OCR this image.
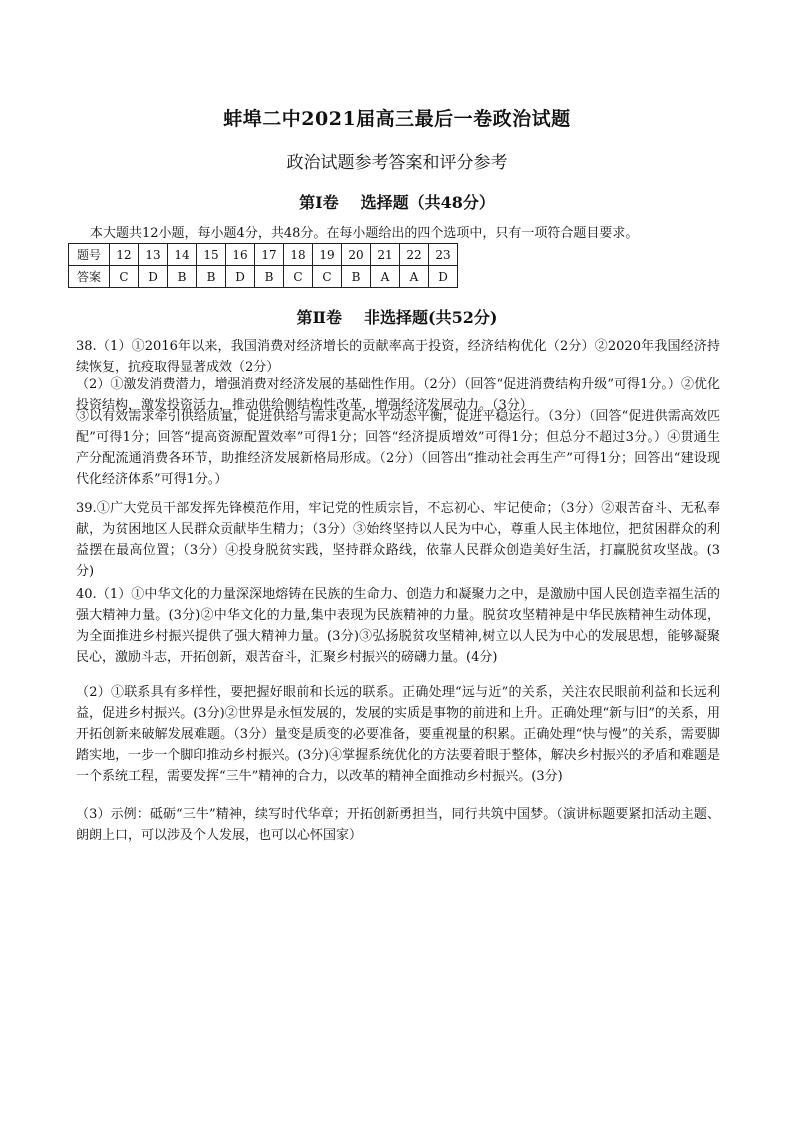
蚌埠二中2021届高三最后一卷政治试题
政治试题参考答案和评分参考
第Ⅰ卷 选择题（共48分）
本大题共12小题，每小题4分，共48分。在每小题给出的四个选项中，只有一项符合题目要求。
题号	12	13	14	15	16	17	18	19	20	21	22	23
答案	C	D	B	B	D	B	C	C	B	A	A	D
第Ⅱ卷 非选择题(共52分)
38.（1）①2016年以来，我国消费对经济增长的贡献率高于投资，经济结构优化（2分）②2020年我国经济持续恢复，抗疫取得显著成效（2分）
（2）①激发消费潜力，增强消费对经济发展的基础性作用。（2分）（回答“促进消费结构升级”可得1分。）②优化投资结构，激发投资活力，推动供给侧结构性改革，增强经济发展动力。（3分）
③以有效需求牵引供给质量，促进供给与需求更高水平动态平衡，促进平稳运行。（3分）（回答“促进供需高效匹配”可得1分；回答“提高资源配置效率”可得1分；回答“经济提质增效”可得1分；但总分不超过3分。）④贯通生产分配流通消费各环节，助推经济发展新格局形成。（2分）（回答出“推动社会再生产”可得1分；回答出“建设现代化经济体系”可得1分。）
39.①广大党员干部发挥先锋模范作用，牢记党的性质宗旨，不忘初心、牢记使命；（3分）②艰苦奋斗、无私奉献，为贫困地区人民群众贡献毕生精力；（3分）③始终坚持以人民为中心，尊重人民主体地位，把贫困群众的利益摆在最高位置；（3分）④投身脱贫实践，坚持群众路线，依靠人民群众创造美好生活，打赢脱贫攻坚战。(3分)
40.（1）①中华文化的力量深深地熔铸在民族的生命力、创造力和凝聚力之中，是激励中国人民创造幸福生活的强大精神力量。(3分)②中华文化的力量,集中表现为民族精神的力量。脱贫攻坚精神是中华民族精神生动体现，为全面推进乡村振兴提供了强大精神力量。(3分)③弘扬脱贫攻坚精神,树立以人民为中心的发展思想，能够凝聚民心，激励斗志，开拓创新，艰苦奋斗，汇聚乡村振兴的磅礴力量。(4分)
（2）①联系具有多样性，要把握好眼前和长远的联系。正确处理“远与近”的关系，关注农民眼前利益和长远利益，促进乡村振兴。(3分)②世界是永恒发展的，发展的实质是事物的前进和上升。正确处理“新与旧”的关系，用开拓创新来破解发展难题。（3分）量变是质变的必要准备，要重视量的积累。正确处理“快与慢”的关系，需要脚踏实地，一步一个脚印推动乡村振兴。(3分)④掌握系统优化的方法要着眼于整体，解决乡村振兴的矛盾和难题是一个系统工程，需要发挥“三牛”精神的合力，以改革的精神全面推动乡村振兴。(3分)
（3）示例：砥砺“三牛”精神，续写时代华章；开拓创新勇担当，同行共筑中国梦。（演讲标题要紧扣活动主题、朗朗上口，可以涉及个人发展，也可以心怀国家）
